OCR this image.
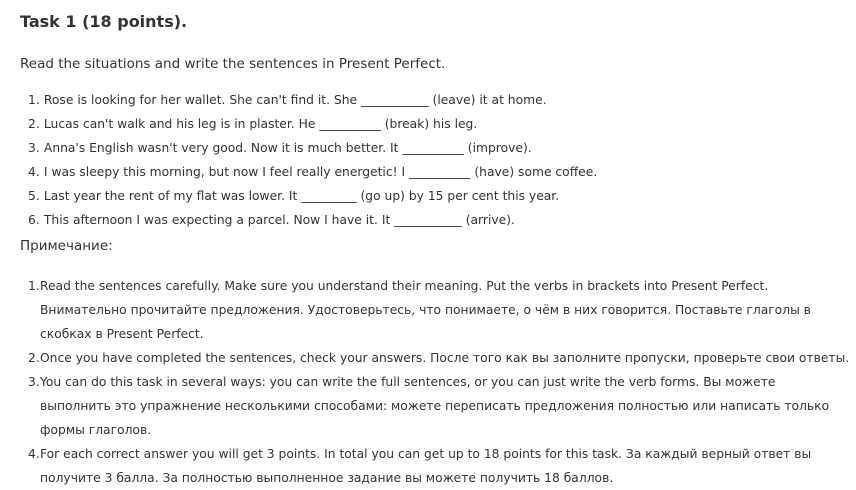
Task 1 (18 points).

Read the situations and write the sentences in Present Perfect.

1. Rose is looking for her wallet. She can't find it. She ___________ (leave) it at home.
2. Lucas can't walk and his leg is in plaster. He __________ (break) his leg.
3. Anna's English wasn't very good. Now it is much better. It __________ (improve).
4. I was sleepy this morning, but now I feel really energetic! I __________ (have) some coffee.
5. Last year the rent of my flat was lower. It _________ (go up) by 15 per cent this year.
6. This afternoon I was expecting a parcel. Now I have it. It ___________ (arrive).

Примечание:

1. Read the sentences carefully. Make sure you understand their meaning. Put the verbs in brackets into Present Perfect. Внимательно прочитайте предложения. Удостоверьтесь, что понимаете, о чём в них говорится. Поставьте глаголы в скобках в Present Perfect.
2. Once you have completed the sentences, check your answers. После того как вы заполните пропуски, проверьте свои ответы.
3. You can do this task in several ways: you can write the full sentences, or you can just write the verb forms. Вы можете выполнить это упражнение несколькими способами: можете переписать предложения полностью или написать только формы глаголов.
4. For each correct answer you will get 3 points. In total you can get up to 18 points for this task. За каждый верный ответ вы получите 3 балла. За полностью выполненное задание вы можете получить 18 баллов.
